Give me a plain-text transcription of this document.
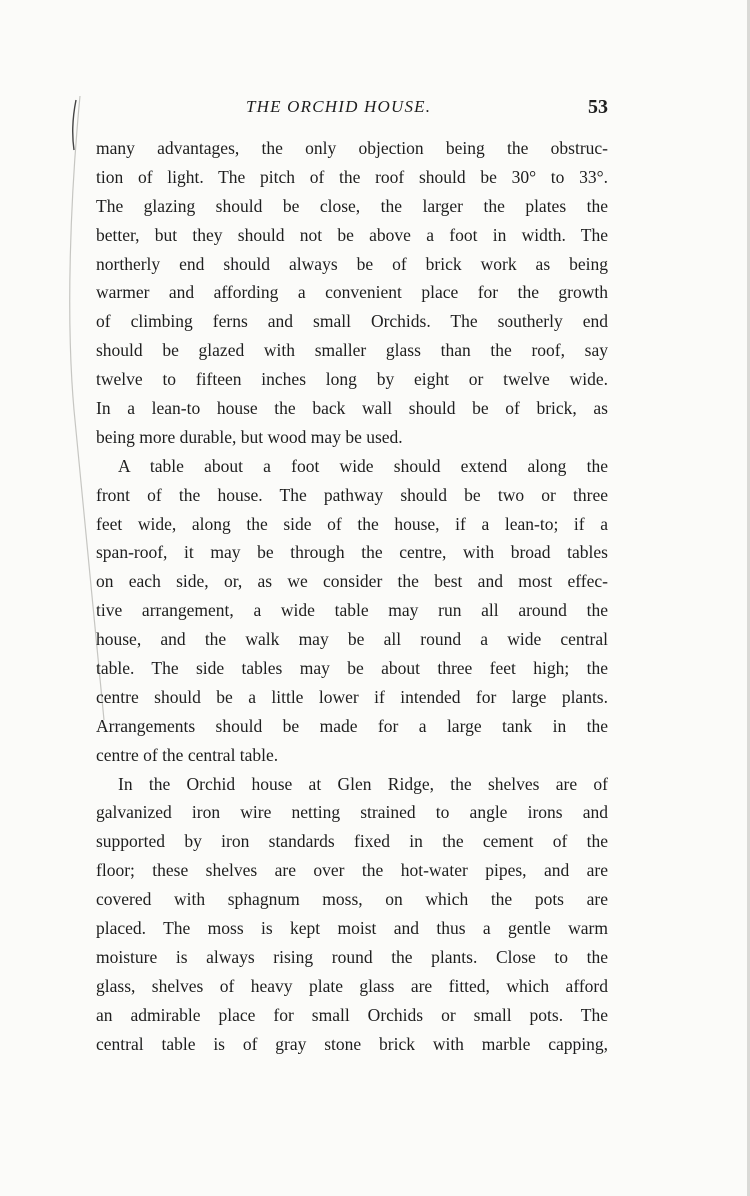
THE ORCHID HOUSE.	53
many advantages, the only objection being the obstruc-
tion of light. The pitch of the roof should be 30° to 33°.
The glazing should be close, the larger the plates the
better, but they should not be above a foot in width. The
northerly end should always be of brick work as being
warmer and affording a convenient place for the growth
of climbing ferns and small Orchids. The southerly end
should be glazed with smaller glass than the roof, say
twelve to fifteen inches long by eight or twelve wide.
In a lean-to house the back wall should be of brick, as
being more durable, but wood may be used.
A table about a foot wide should extend along the
front of the house. The pathway should be two or three
feet wide, along the side of the house, if a lean-to; if a
span-roof, it may be through the centre, with broad tables
on each side, or, as we consider the best and most effec-
tive arrangement, a wide table may run all around the
house, and the walk may be all round a wide central
table. The side tables may be about three feet high; the
centre should be a little lower if intended for large plants.
Arrangements should be made for a large tank in the
centre of the central table.
In the Orchid house at Glen Ridge, the shelves are of
galvanized iron wire netting strained to angle irons and
supported by iron standards fixed in the cement of the
floor; these shelves are over the hot-water pipes, and are
covered with sphagnum moss, on which the pots are
placed. The moss is kept moist and thus a gentle warm
moisture is always rising round the plants. Close to the
glass, shelves of heavy plate glass are fitted, which afford
an admirable place for small Orchids or small pots. The
central table is of gray stone brick with marble capping,
